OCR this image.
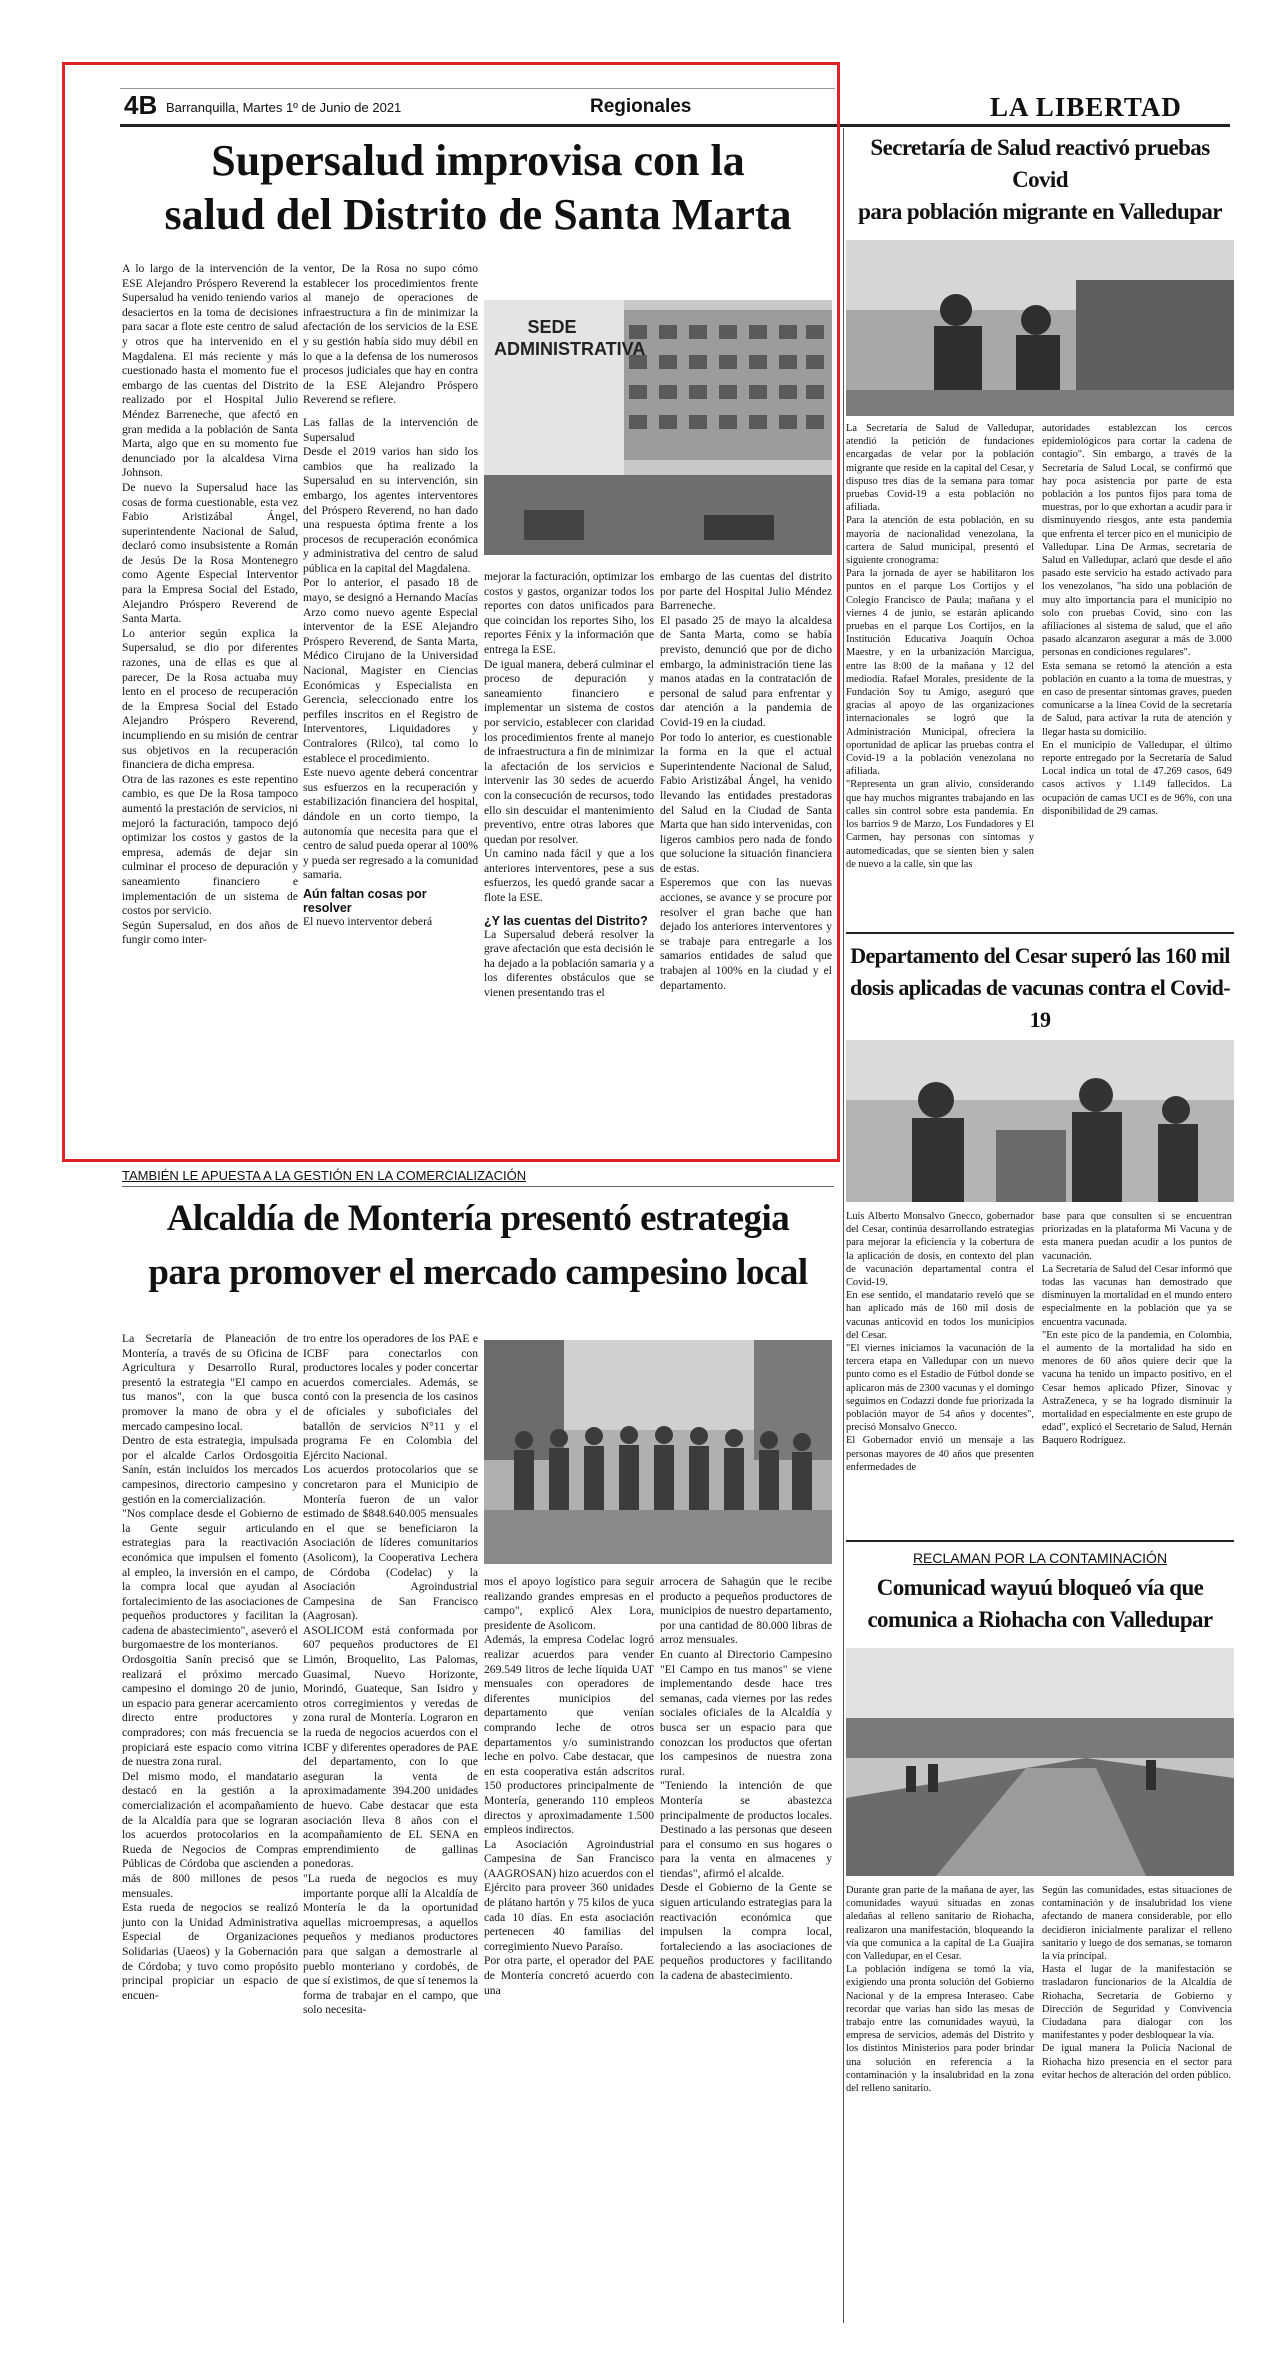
4B Barranquilla, Martes 1º de Junio de 2021	Regionales	LA LIBERTAD
Supersalud improvisa con la
salud del Distrito de Santa Marta
SEDE ADMINISTRATIVA

A lo largo de la intervención de la ESE Alejandro Próspero Reverend la Supersalud ha venido teniendo varios desaciertos en la toma de decisiones para sacar a flote este centro de salud y otros que ha intervenido en el Magdalena. El más reciente y más cuestionado hasta el momento fue el embargo de las cuentas del Distrito realizado por el Hospital Julio Méndez Barreneche, que afectó en gran medida a la población de Santa Marta, algo que en su momento fue denunciado por la alcaldesa Virna Johnson.

De nuevo la Supersalud hace las cosas de forma cuestionable, esta vez Fabio Aristizábal Ángel, superintendente Nacional de Salud, declaró como insubsistente a Román de Jesús De la Rosa Montenegro como Agente Especial Interventor para la Empresa Social del Estado, Alejandro Próspero Reverend de Santa Marta.

Lo anterior según explica la Supersalud, se dio por diferentes razones, una de ellas es que al parecer, De la Rosa actuaba muy lento en el proceso de recuperación de la Empresa Social del Estado Alejandro Próspero Reverend, incumpliendo en su misión de centrar sus objetivos en la recuperación financiera de dicha empresa.

Otra de las razones es este repentino cambio, es que De la Rosa tampoco aumentó la prestación de servicios, ni mejoró la facturación, tampoco dejó optimizar los costos y gastos de la empresa, además de dejar sin culminar el proceso de depuración y saneamiento financiero e implementación de un sistema de costos por servicio.

Según Supersalud, en dos años de fungir como inter-

ventor, De la Rosa no supo cómo establecer los procedimientos frente al manejo de operaciones de infraestructura a fin de minimizar la afectación de los servicios de la ESE y su gestión había sido muy débil en lo que a la defensa de los numerosos procesos judiciales que hay en contra de la ESE Alejandro Próspero Reverend se refiere.

Las fallas de la intervención de Supersalud

Desde el 2019 varios han sido los cambios que ha realizado la Supersalud en su intervención, sin embargo, los agentes interventores del Próspero Reverend, no han dado una respuesta óptima frente a los procesos de recuperación económica y administrativa del centro de salud pública en la capital del Magdalena.

Por lo anterior, el pasado 18 de mayo, se designó a Hernando Macías Arzo como nuevo agente Especial interventor de la ESE Alejandro Próspero Reverend, de Santa Marta, Médico Cirujano de la Universidad Nacional, Magister en Ciencias Económicas y Especialista en Gerencia, seleccionado entre los perfiles inscritos en el Registro de Interventores, Liquidadores y Contralores (Rilco), tal como lo establece el procedimiento.

Este nuevo agente deberá concentrar sus esfuerzos en la recuperación y estabilización financiera del hospital, dándole en un corto tiempo, la autonomía que necesita para que el centro de salud pueda operar al 100% y pueda ser regresado a la comunidad samaria.

Aún faltan cosas por resolver

El nuevo interventor deberá

mejorar la facturación, optimizar los costos y gastos, organizar todos los reportes con datos unificados para que coincidan los reportes Siho, los reportes Fénix y la información que entrega la ESE.

De igual manera, deberá culminar el proceso de depuración y saneamiento financiero e implementar un sistema de costos por servicio, establecer con claridad los procedimientos frente al manejo de infraestructura a fin de minimizar la afectación de los servicios e intervenir las 30 sedes de acuerdo con la consecución de recursos, todo ello sin descuidar el mantenimiento preventivo, entre otras labores que quedan por resolver.

Un camino nada fácil y que a los anteriores interventores, pese a sus esfuerzos, les quedó grande sacar a flote la ESE.

¿Y las cuentas del Distrito?

La Supersalud deberá resolver la grave afectación que esta decisión le ha dejado a la población samaria y a los diferentes obstáculos que se vienen presentando tras el

embargo de las cuentas del distrito por parte del Hospital Julio Méndez Barreneche.

El pasado 25 de mayo la alcaldesa de Santa Marta, como se había previsto, denunció que por de dicho embargo, la administración tiene las manos atadas en la contratación de personal de salud para enfrentar y dar atención a la pandemia de Covid-19 en la ciudad.

Por todo lo anterior, es cuestionable la forma en la que el actual Superintendente Nacional de Salud, Fabio Aristizábal Ángel, ha venido llevando las entidades prestadoras del Salud en la Ciudad de Santa Marta que han sido intervenidas, con ligeros cambios pero nada de fondo que solucione la situación financiera de estas.

Esperemos que con las nuevas acciones, se avance y se procure por resolver el gran bache que han dejado los anteriores interventores y se trabaje para entregarle a los samarios entidades de salud que trabajen al 100% en la ciudad y el departamento.

TAMBIÉN LE APUESTA A LA GESTIÓN EN LA COMERCIALIZACIÓN
Alcaldía de Montería presentó estrategia
para promover el mercado campesino local

La Secretaría de Planeación de Montería, a través de su Oficina de Agricultura y Desarrollo Rural, presentó la estrategia "El campo en tus manos", con la que busca promover la mano de obra y el mercado campesino local.

Dentro de esta estrategia, impulsada por el alcalde Carlos Ordosgoitia Sanín, están incluidos los mercados campesinos, directorio campesino y gestión en la comercialización.

"Nos complace desde el Gobierno de la Gente seguir articulando estrategias para la reactivación económica que impulsen el fomento al empleo, la inversión en el campo, la compra local que ayudan al fortalecimiento de las asociaciones de pequeños productores y facilitan la cadena de abastecimiento", aseveró el burgomaestre de los monterianos.

Ordosgoitia Sanín precisó que se realizará el próximo mercado campesino el domingo 20 de junio, un espacio para generar acercamiento directo entre productores y compradores; con más frecuencia se propiciará este espacio como vitrina de nuestra zona rural.

Del mismo modo, el mandatario destacó en la gestión a la comercialización el acompañamiento de la Alcaldía para que se lograran los acuerdos protocolarios en la Rueda de Negocios de Compras Públicas de Córdoba que ascienden a más de 800 millones de pesos mensuales.

Esta rueda de negocios se realizó junto con la Unidad Administrativa Especial de Organizaciones Solidarias (Uaeos) y la Gobernación de Córdoba; y tuvo como propósito principal propiciar un espacio de encuen-

tro entre los operadores de los PAE e ICBF para conectarlos con productores locales y poder concertar acuerdos comerciales. Además, se contó con la presencia de los casinos de oficiales y suboficiales del batallón de servicios N°11 y el programa Fe en Colombia del Ejército Nacional.

Los acuerdos protocolarios que se concretaron para el Municipio de Montería fueron de un valor estimado de $848.640.005 mensuales en el que se beneficiaron la Asociación de líderes comunitarios (Asolicom), la Cooperativa Lechera de Córdoba (Codelac) y la Asociación Agroindustrial Campesina de San Francisco (Aagrosan).

ASOLICOM está conformada por 607 pequeños productores de El Limón, Broquelito, Las Palomas, Guasimal, Nuevo Horizonte, Morindó, Guateque, San Isidro y otros corregimientos y veredas de zona rural de Montería. Lograron en la rueda de negocios acuerdos con el ICBF y diferentes operadores de PAE del departamento, con lo que aseguran la venta de aproximadamente 394.200 unidades de huevo. Cabe destacar que esta asociación lleva 8 años con el acompañamiento de EL SENA en emprendimiento de gallinas ponedoras.

"La rueda de negocios es muy importante porque allí la Alcaldía de Montería le da la oportunidad aquellas microempresas, a aquellos pequeños y medianos productores para que salgan a demostrarle al pueblo monteriano y cordobés, de que sí existimos, de que sí tenemos la forma de trabajar en el campo, que solo necesita-

mos el apoyo logístico para seguir realizando grandes empresas en el campo", explicó Alex Lora, presidente de Asolicom.

Además, la empresa Codelac logró realizar acuerdos para vender 269.549 litros de leche líquida UAT mensuales con operadores de diferentes municipios del departamento que venían comprando leche de otros departamentos y/o suministrando leche en polvo. Cabe destacar, que en esta cooperativa están adscritos 150 productores principalmente de Montería, generando 110 empleos directos y aproximadamente 1.500 empleos indirectos.

La Asociación Agroindustrial Campesina de San Francisco (AAGROSAN) hizo acuerdos con el Ejército para proveer 360 unidades de plátano hartón y 75 kilos de yuca cada 10 días. En esta asociación pertenecen 40 familias del corregimiento Nuevo Paraíso.

Por otra parte, el operador del PAE de Montería concretó acuerdo con una

arrocera de Sahagún que le recibe producto a pequeños productores de municipios de nuestro departamento, por una cantidad de 80.000 libras de arroz mensuales.

En cuanto al Directorio Campesino "El Campo en tus manos" se viene implementando desde hace tres semanas, cada viernes por las redes sociales oficiales de la Alcaldía y busca ser un espacio para que conozcan los productos que ofertan los campesinos de nuestra zona rural.

"Teniendo la intención de que Montería se abastezca principalmente de productos locales. Destinado a las personas que deseen para el consumo en sus hogares o para la venta en almacenes y tiendas", afirmó el alcalde.

Desde el Gobierno de la Gente se siguen articulando estrategias para la reactivación económica que impulsen la compra local, fortaleciendo a las asociaciones de pequeños productores y facilitando la cadena de abastecimiento.

Secretaría de Salud reactivó pruebas Covid
para población migrante en Valledupar

La Secretaría de Salud de Valledupar, atendió la petición de fundaciones encargadas de velar por la población migrante que reside en la capital del Cesar, y dispuso tres días de la semana para tomar pruebas Covid-19 a esta población no afiliada.

Para la atención de esta población, en su mayoría de nacionalidad venezolana, la cartera de Salud municipal, presentó el siguiente cronograma:

Para la jornada de ayer se habilitaron los puntos en el parque Los Cortijos y el Colegio Francisco de Paula; mañana y el viernes 4 de junio, se estarán aplicando pruebas en el parque Los Cortijos, en la Institución Educativa Joaquín Ochoa Maestre, y en la urbanización Marcigua, entre las 8:00 de la mañana y 12 del mediodía. Rafael Morales, presidente de la Fundación Soy tu Amigo, aseguró que gracias al apoyo de las organizaciones internacionales se logró que la Administración Municipal, ofreciera la oportunidad de aplicar las pruebas contra el Covid-19 a la población venezolana no afiliada.

"Representa un gran alivio, considerando que hay muchos migrantes trabajando en las calles sin control sobre esta pandemia. En los barrios 9 de Marzo, Los Fundadores y El Carmen, hay personas con síntomas y automedicadas, que se sienten bien y salen de nuevo a la calle, sin que las

autoridades establezcan los cercos epidemiológicos para cortar la cadena de contagio". Sin embargo, a través de la Secretaría de Salud Local, se confirmó que hay poca asistencia por parte de esta población a los puntos fijos para toma de muestras, por lo que exhortan a acudir para ir disminuyendo riesgos, ante esta pandemia que enfrenta el tercer pico en el municipio de Valledupar. Lina De Armas, secretaria de Salud en Valledupar, aclaró que desde el año pasado este servicio ha estado activado para los venezolanos, "ha sido una población de muy alto importancia para el municipio no solo con pruebas Covid, sino con las afiliaciones al sistema de salud, que el año pasado alcanzaron asegurar a más de 3.000 personas en condiciones regulares".

Esta semana se retomó la atención a esta población en cuanto a la toma de muestras, y en caso de presentar síntomas graves, pueden comunicarse a la línea Covid de la secretaría de Salud, para activar la ruta de atención y llegar hasta su domicilio.

En el municipio de Valledupar, el último reporte entregado por la Secretaría de Salud Local indica un total de 47.269 casos, 649 casos activos y 1.149 fallecidos. La ocupación de camas UCI es de 96%, con una disponibilidad de 29 camas.

Departamento del Cesar superó las 160 mil
dosis aplicadas de vacunas contra el Covid-19

Luis Alberto Monsalvo Gnecco, gobernador del Cesar, continúa desarrollando estrategias para mejorar la eficiencia y la cobertura de la aplicación de dosis, en contexto del plan de vacunación departamental contra el Covid-19.

En ese sentido, el mandatario reveló que se han aplicado más de 160 mil dosis de vacunas anticovid en todos los municipios del Cesar.

"El viernes iniciamos la vacunación de la tercera etapa en Valledupar con un nuevo punto como es el Estadio de Fútbol donde se aplicaron más de 2300 vacunas y el domingo seguimos en Codazzi donde fue priorizada la población mayor de 54 años y docentes", precisó Monsalvo Gnecco.

El Gobernador envió un mensaje a las personas mayores de 40 años que presenten enfermedades de

base para que consulten si se encuentran priorizadas en la plataforma Mi Vacuna y de esta manera puedan acudir a los puntos de vacunación.

La Secretaría de Salud del Cesar informó que todas las vacunas han demostrado que disminuyen la mortalidad en el mundo entero especialmente en la población que ya se encuentra vacunada.

"En este pico de la pandemia, en Colombia, el aumento de la mortalidad ha sido en menores de 60 años quiere decir que la vacuna ha tenido un impacto positivo, en el Cesar hemos aplicado Pfizer, Sinovac y AstraZeneca, y se ha logrado disminuir la mortalidad en especialmente en este grupo de edad", explicó el Secretario de Salud, Hernán Baquero Rodríguez.

RECLAMAN POR LA CONTAMINACIÓN
Comunicad wayuú bloqueó vía que
comunica a Riohacha con Valledupar

Durante gran parte de la mañana de ayer, las comunidades wayuú situadas en zonas aledañas al relleno sanitario de Riohacha, realizaron una manifestación, bloqueando la vía que comunica a la capital de La Guajira con Valledupar, en el Cesar.

La población indígena se tomó la vía, exigiendo una pronta solución del Gobierno Nacional y de la empresa Interaseo. Cabe recordar que varias han sido las mesas de trabajo entre las comunidades wayuú, la empresa de servicios, además del Distrito y los distintos Ministerios para poder brindar una solución en referencia a la contaminación y la insalubridad en la zona del relleno sanitario.

Según las comunidades, estas situaciones de contaminación y de insalubridad los viene afectando de manera considerable, por ello decidieron inicialmente paralizar el relleno sanitario y luego de dos semanas, se tomaron la vía principal.

Hasta el lugar de la manifestación se trasladaron funcionarios de la Alcaldía de Riohacha, Secretaría de Gobierno y Dirección de Seguridad y Convivencia Ciudadana para dialogar con los manifestantes y poder desbloquear la vía.

De igual manera la Policía Nacional de Riohacha hizo presencia en el sector para evitar hechos de alteración del orden público.
